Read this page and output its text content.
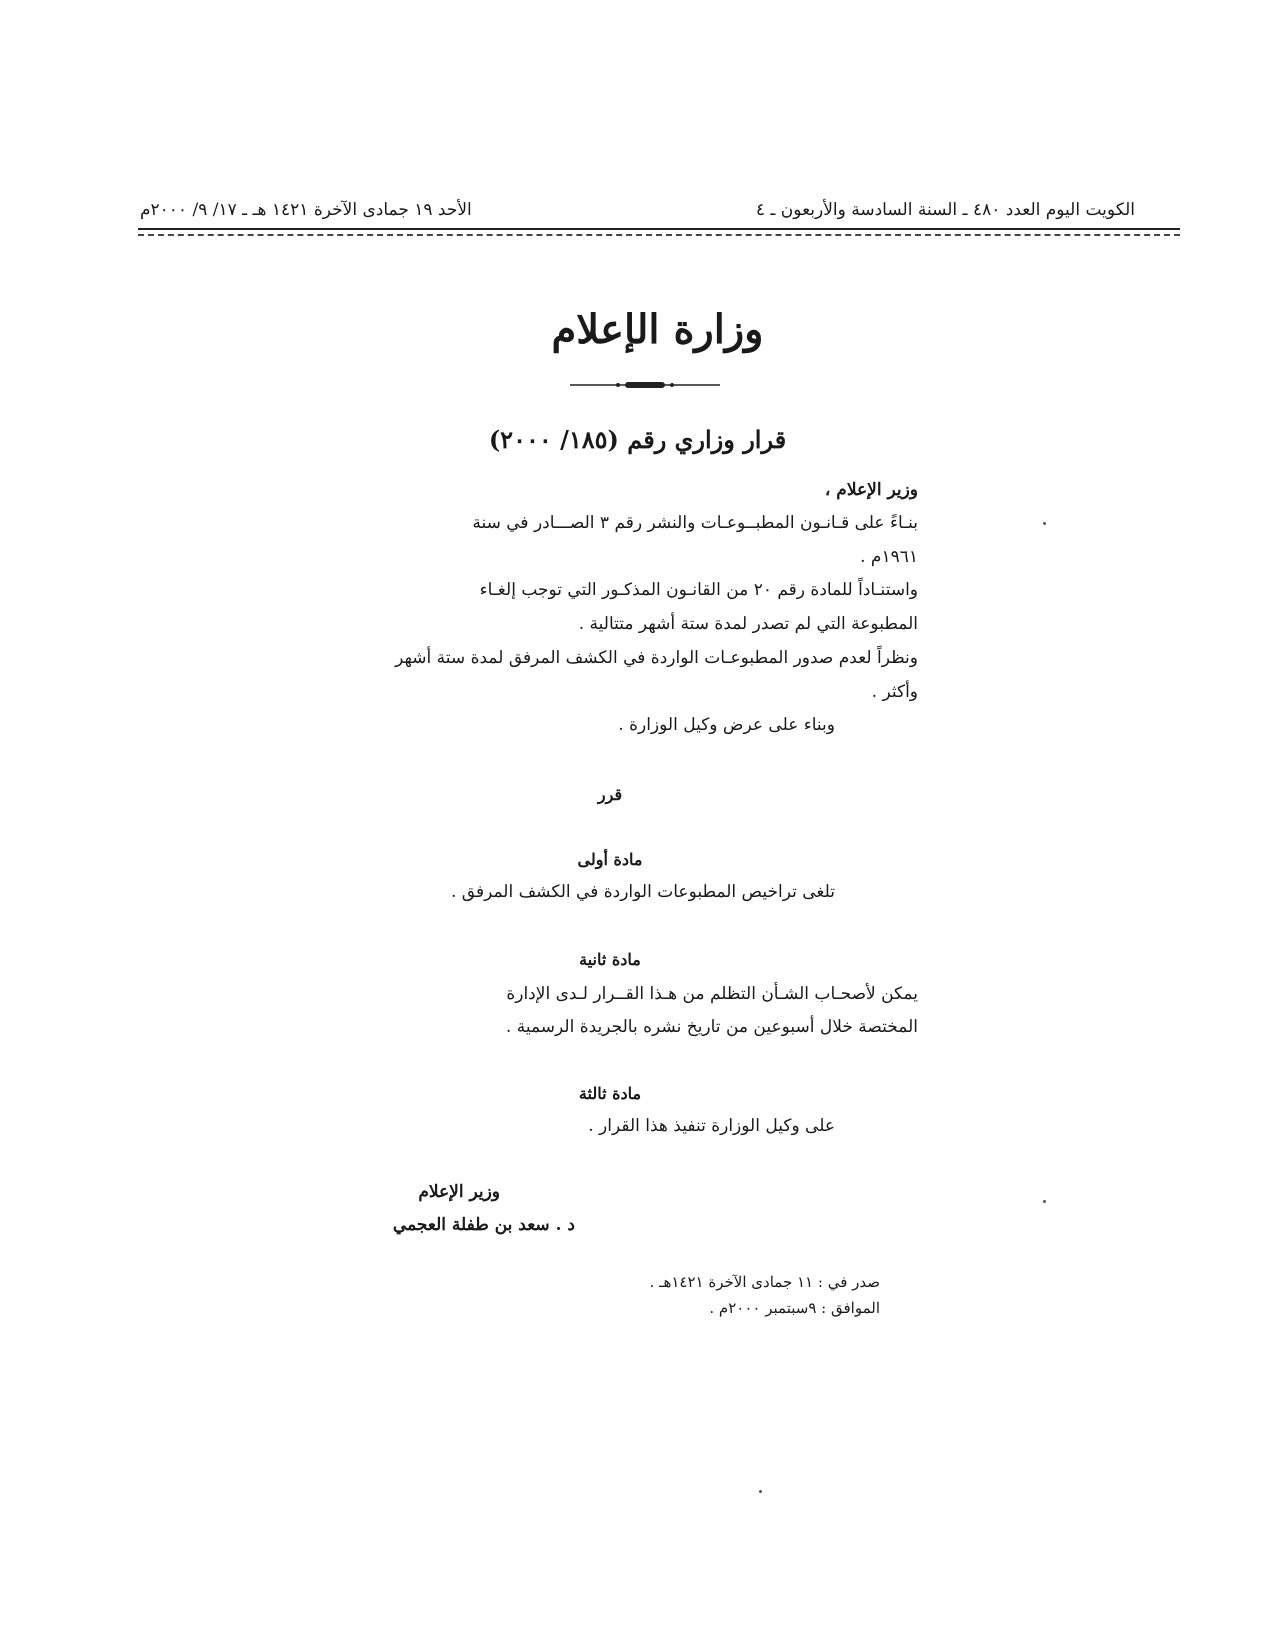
الكويت اليوم العدد ٤٨٠ ـ السنة السادسة والأربعون ـ ٤
الأحد ١٩ جمادى الآخرة ١٤٢١ هـ ـ ١٧/ ٩/ ٢٠٠٠م
وزارة الإعلام
قرار وزاري رقم (١٨٥/ ٢٠٠٠)
وزير الإعلام ،
بنـاءً على قـانـون المطبــوعـات والنشر رقم ٣ الصـــادر في سنة
١٩٦١م .
واستنـاداً للمادة رقم ٢٠ من القانـون المذكـور التي توجب إلغـاء
المطبوعة التي لم تصدر لمدة ستة أشهر متتالية .
ونظراً لعدم صدور المطبوعـات الواردة في الكشف المرفق لمدة ستة أشهر
وأكثر .
وبناء على عرض وكيل الوزارة .
قرر
مادة أولى
تلغى تراخيص المطبوعات الواردة في الكشف المرفق .
مادة ثانية
يمكن لأصحـاب الشـأن التظلم من هـذا القــرار لـدى الإدارة
المختصة خلال أسبوعين من تاريخ نشره بالجريدة الرسمية .
مادة ثالثة
على وكيل الوزارة تنفيذ هذا القرار .
وزير الإعلام
د . سعد بن طفلة العجمي
صدر في : ١١ جمادى الآخرة ١٤٢١هـ .
الموافق : ٩سبتمبر ٢٠٠٠م .
